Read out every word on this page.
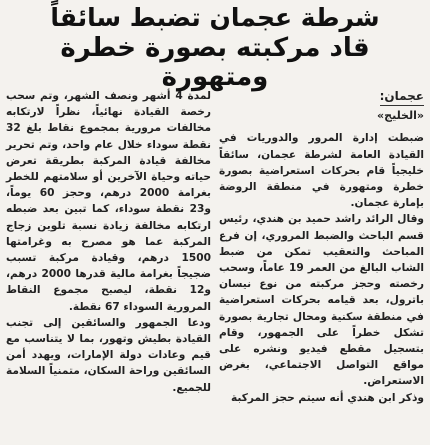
شرطة عجمان تضبط سائقاً
قاد مركبته بصورة خطرة ومتهورة
عجمان:
«الخليج»

ضبطت إدارة المرور والدوريات في القيادة العامة لشرطة عجمان، سائقاً خليجياً قام بحركات استعراضية بصورة خطرة ومتهورة في منطقة الروضة بإمارة عجمان.

وقال الرائد راشد حميد بن هندي، رئيس قسم الباحث والضبط المروري، إن فرع المباحث والتعقيب تمكن من ضبط الشاب البالغ من العمر 19 عاماً، وسحب رخصته وحجز مركبته من نوع نيسان باترول، بعد قيامه بحركات استعراضية في منطقة سكنية ومحال تجارية بصورة تشكل خطراً على الجمهور، وقام بتسجيل مقطع فيديو ونشره على مواقع التواصل الاجتماعي، بغرض الاستعراض.

وذكر ابن هندي أنه سيتم حجز المركبة

لمدة 4 أشهر ونصف الشهر، وتم سحب رخصة القيادة نهائياً، نظراً لارتكابه مخالفات مرورية بمجموع نقاط بلغ 32 نقطة سوداء خلال عام واحد، وتم تحرير مخالفة قيادة المركبة بطريقة تعرض حياته وحياة الآخرين أو سلامتهم للخطر بغرامة 2000 درهم، وحجز 60 يوماً، و23 نقطة سوداء، كما تبين بعد ضبطه ارتكابه مخالفة زيادة نسبة تلوين زجاج المركبة عما هو مصرح به وغرامتها 1500 درهم، وقيادة مركبة تسبب ضجيجاً بغرامة مالية قدرها 2000 درهم، و12 نقطة، ليصبح مجموع النقاط المرورية السوداء 67 نقطة.

ودعا الجمهور والسائقين إلى تجنب القيادة بطيش وتهور، بما لا يتناسب مع قيم وعادات دولة الإمارات، ويهدد أمن السائقين وراحة السكان، متمنياً السلامة للجميع.
